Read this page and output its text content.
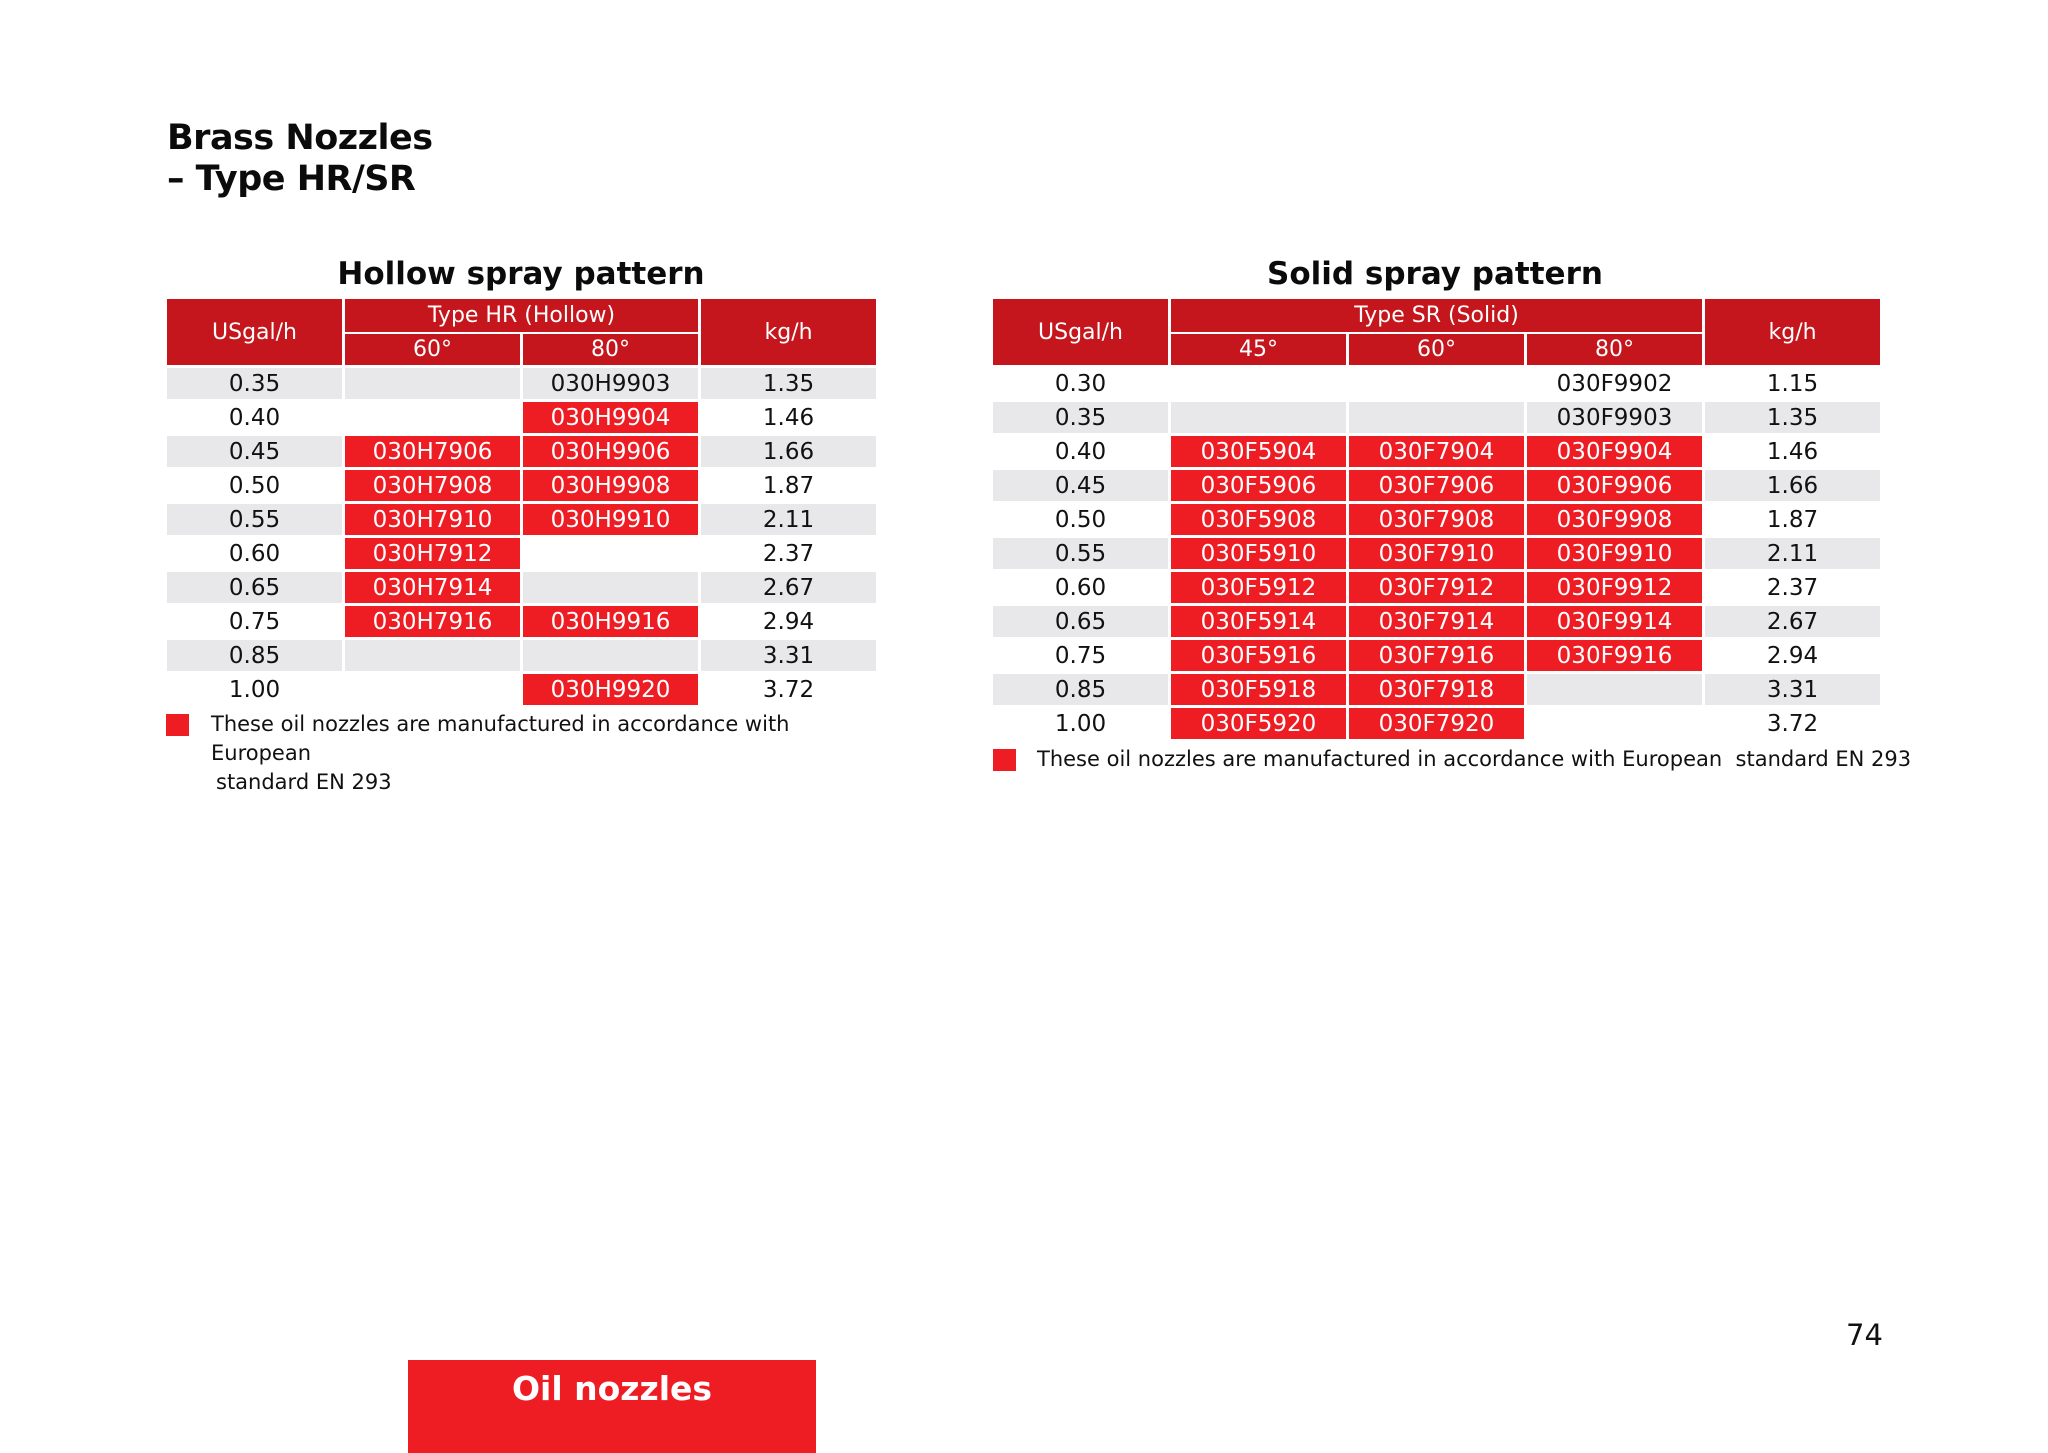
Brass Nozzles
– Type HR/SR
Hollow spray pattern
USgal/h	Type HR (Hollow)		kg/h
	60°	80°	
0.35		030H9903	1.35
0.40		030H9904	1.46
0.45	030H7906	030H9906	1.66
0.50	030H7908	030H9908	1.87
0.55	030H7910	030H9910	2.11
0.60	030H7912		2.37
0.65	030H7914		2.67
0.75	030H7916	030H9916	2.94
0.85			3.31
1.00		030H9920	3.72
These oil nozzles are manufactured in accordance with European
standard EN 293
Solid spray pattern
USgal/h	Type SR (Solid)			kg/h
	45°	60°	80°	
0.30			030F9902	1.15
0.35			030F9903	1.35
0.40	030F5904	030F7904	030F9904	1.46
0.45	030F5906	030F7906	030F9906	1.66
0.50	030F5908	030F7908	030F9908	1.87
0.55	030F5910	030F7910	030F9910	2.11
0.60	030F5912	030F7912	030F9912	2.37
0.65	030F5914	030F7914	030F9914	2.67
0.75	030F5916	030F7916	030F9916	2.94
0.85	030F5918	030F7918		3.31
1.00	030F5920	030F7920		3.72
These oil nozzles are manufactured in accordance with European  standard EN 293
74
Oil nozzles
